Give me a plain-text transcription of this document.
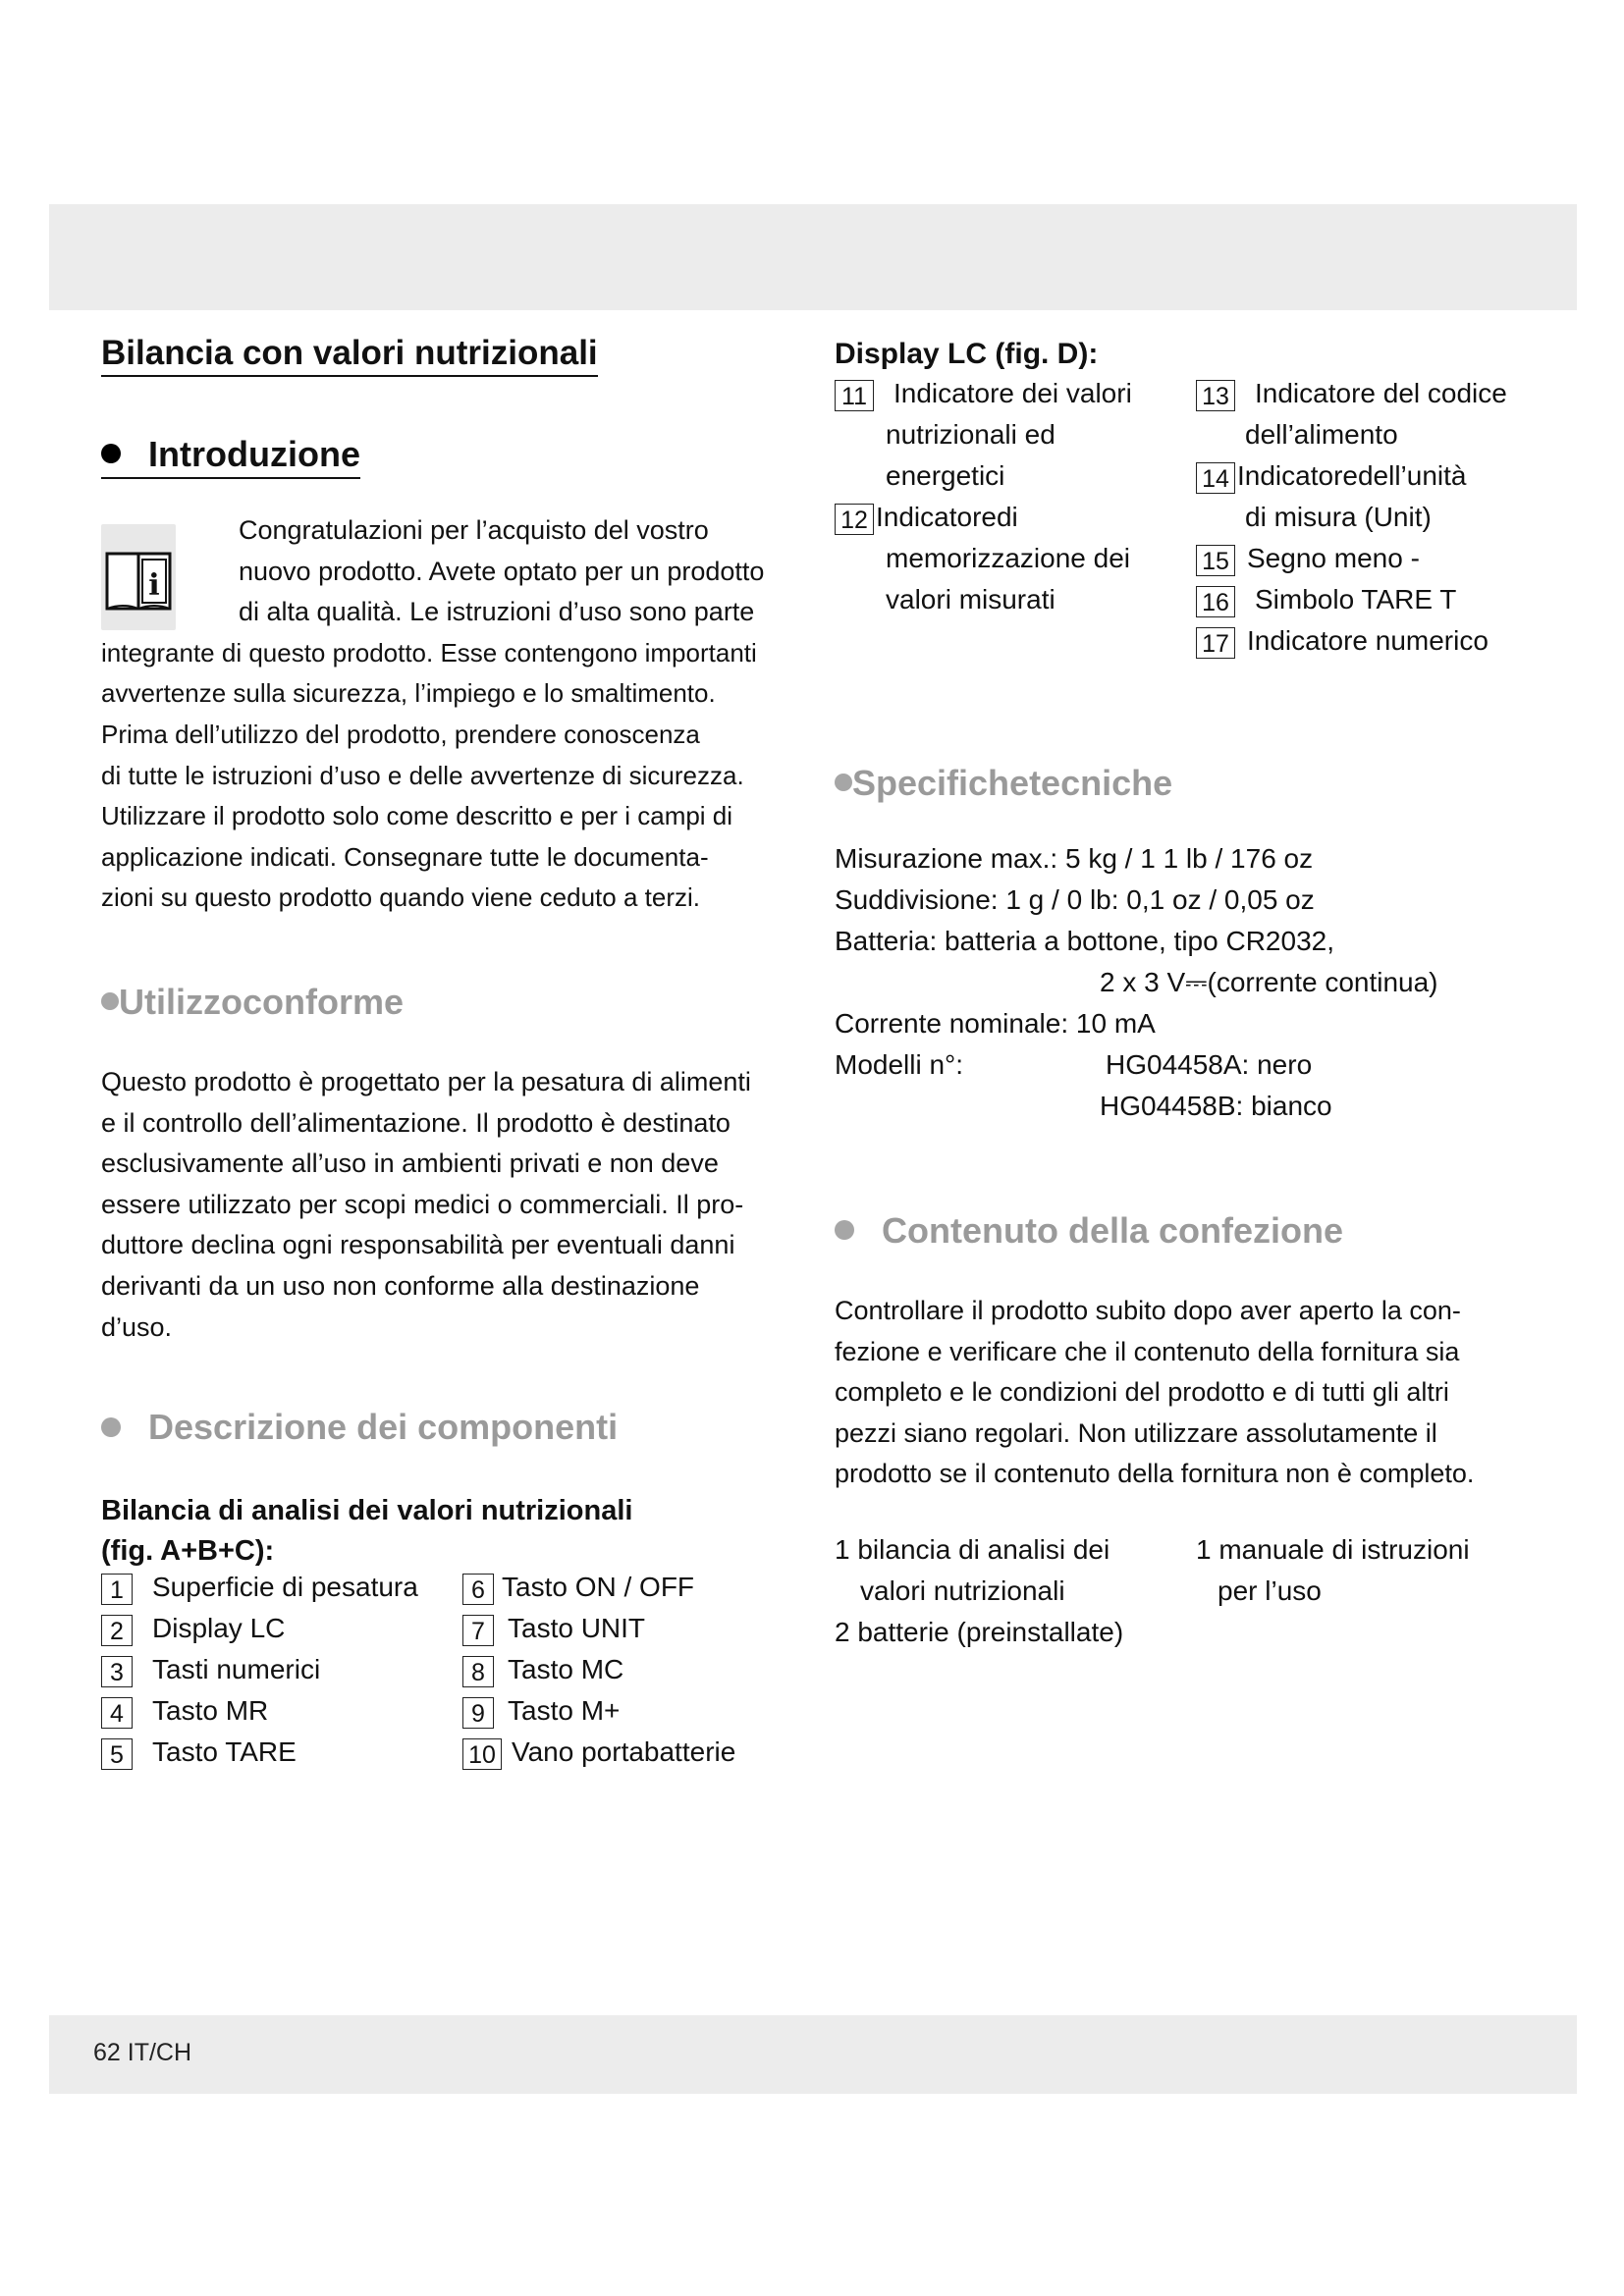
Bilancia con valori nutrizionali
Introduzione
i
Congratulazioni per l’acquisto del vostro
nuovo prodotto. Avete optato per un prodotto
di alta qualità. Le istruzioni d’uso sono parte
integrante di questo prodotto. Esse contengono importanti
avvertenze sulla sicurezza, l’impiego e lo smaltimento.
Prima dell’utilizzo del prodotto, prendere conoscenza
di tutte le istruzioni d’uso e delle avvertenze di sicurezza.
Utilizzare il prodotto solo come descritto e per i campi di
applicazione indicati. Consegnare tutte le documenta-
zioni su questo prodotto quando viene ceduto a terzi.
Utilizzoconforme
Questo prodotto è progettato per la pesatura di alimenti
e il controllo dell’alimentazione. Il prodotto è destinato
esclusivamente all’uso in ambienti privati e non deve
essere utilizzato per scopi medici o commerciali. Il pro-
duttore declina ogni responsabilità per eventuali danni
derivanti da un uso non conforme alla destinazione
d’uso.
Descrizione dei componenti
Bilancia di analisi dei valori nutrizionali
(fig. A+B+C):
1 Superficie di pesatura
2 Display LC
3 Tasti numerici
4 Tasto MR
5 Tasto TARE
6 Tasto ON / OFF
7 Tasto UNIT
8 Tasto MC
9 Tasto M+
10 Vano portabatterie
Display LC (fig. D):
11 Indicatore dei valori
nutrizionali ed
energetici
12 Indicatoredi
memorizzazione dei
valori misurati
13 Indicatore del codice
dell’alimento
14 Indicatoredell’unità
di misura (Unit)
15 Segno meno -
16 Simbolo TARE T
17 Indicatore numerico
Specifichetecniche
Misurazione max.: 5 kg / 1 1 lb / 176 oz
Suddivisione: 1 g / 0 lb: 0,1 oz / 0,05 oz
Batteria: batteria a bottone, tipo CR2032,
2 x 3 V⎓(corrente continua)
Corrente nominale: 10 mA
Modelli n°:	HG04458A: nero
HG04458B: bianco
Contenuto della confezione
Controllare il prodotto subito dopo aver aperto la con-
fezione e verificare che il contenuto della fornitura sia
completo e le condizioni del prodotto e di tutti gli altri
pezzi siano regolari. Non utilizzare assolutamente il
prodotto se il contenuto della fornitura non è completo.
1 bilancia di analisi dei
valori nutrizionali
2 batterie (preinstallate)
1 manuale di istruzioni
per l’uso
62 IT/CH
